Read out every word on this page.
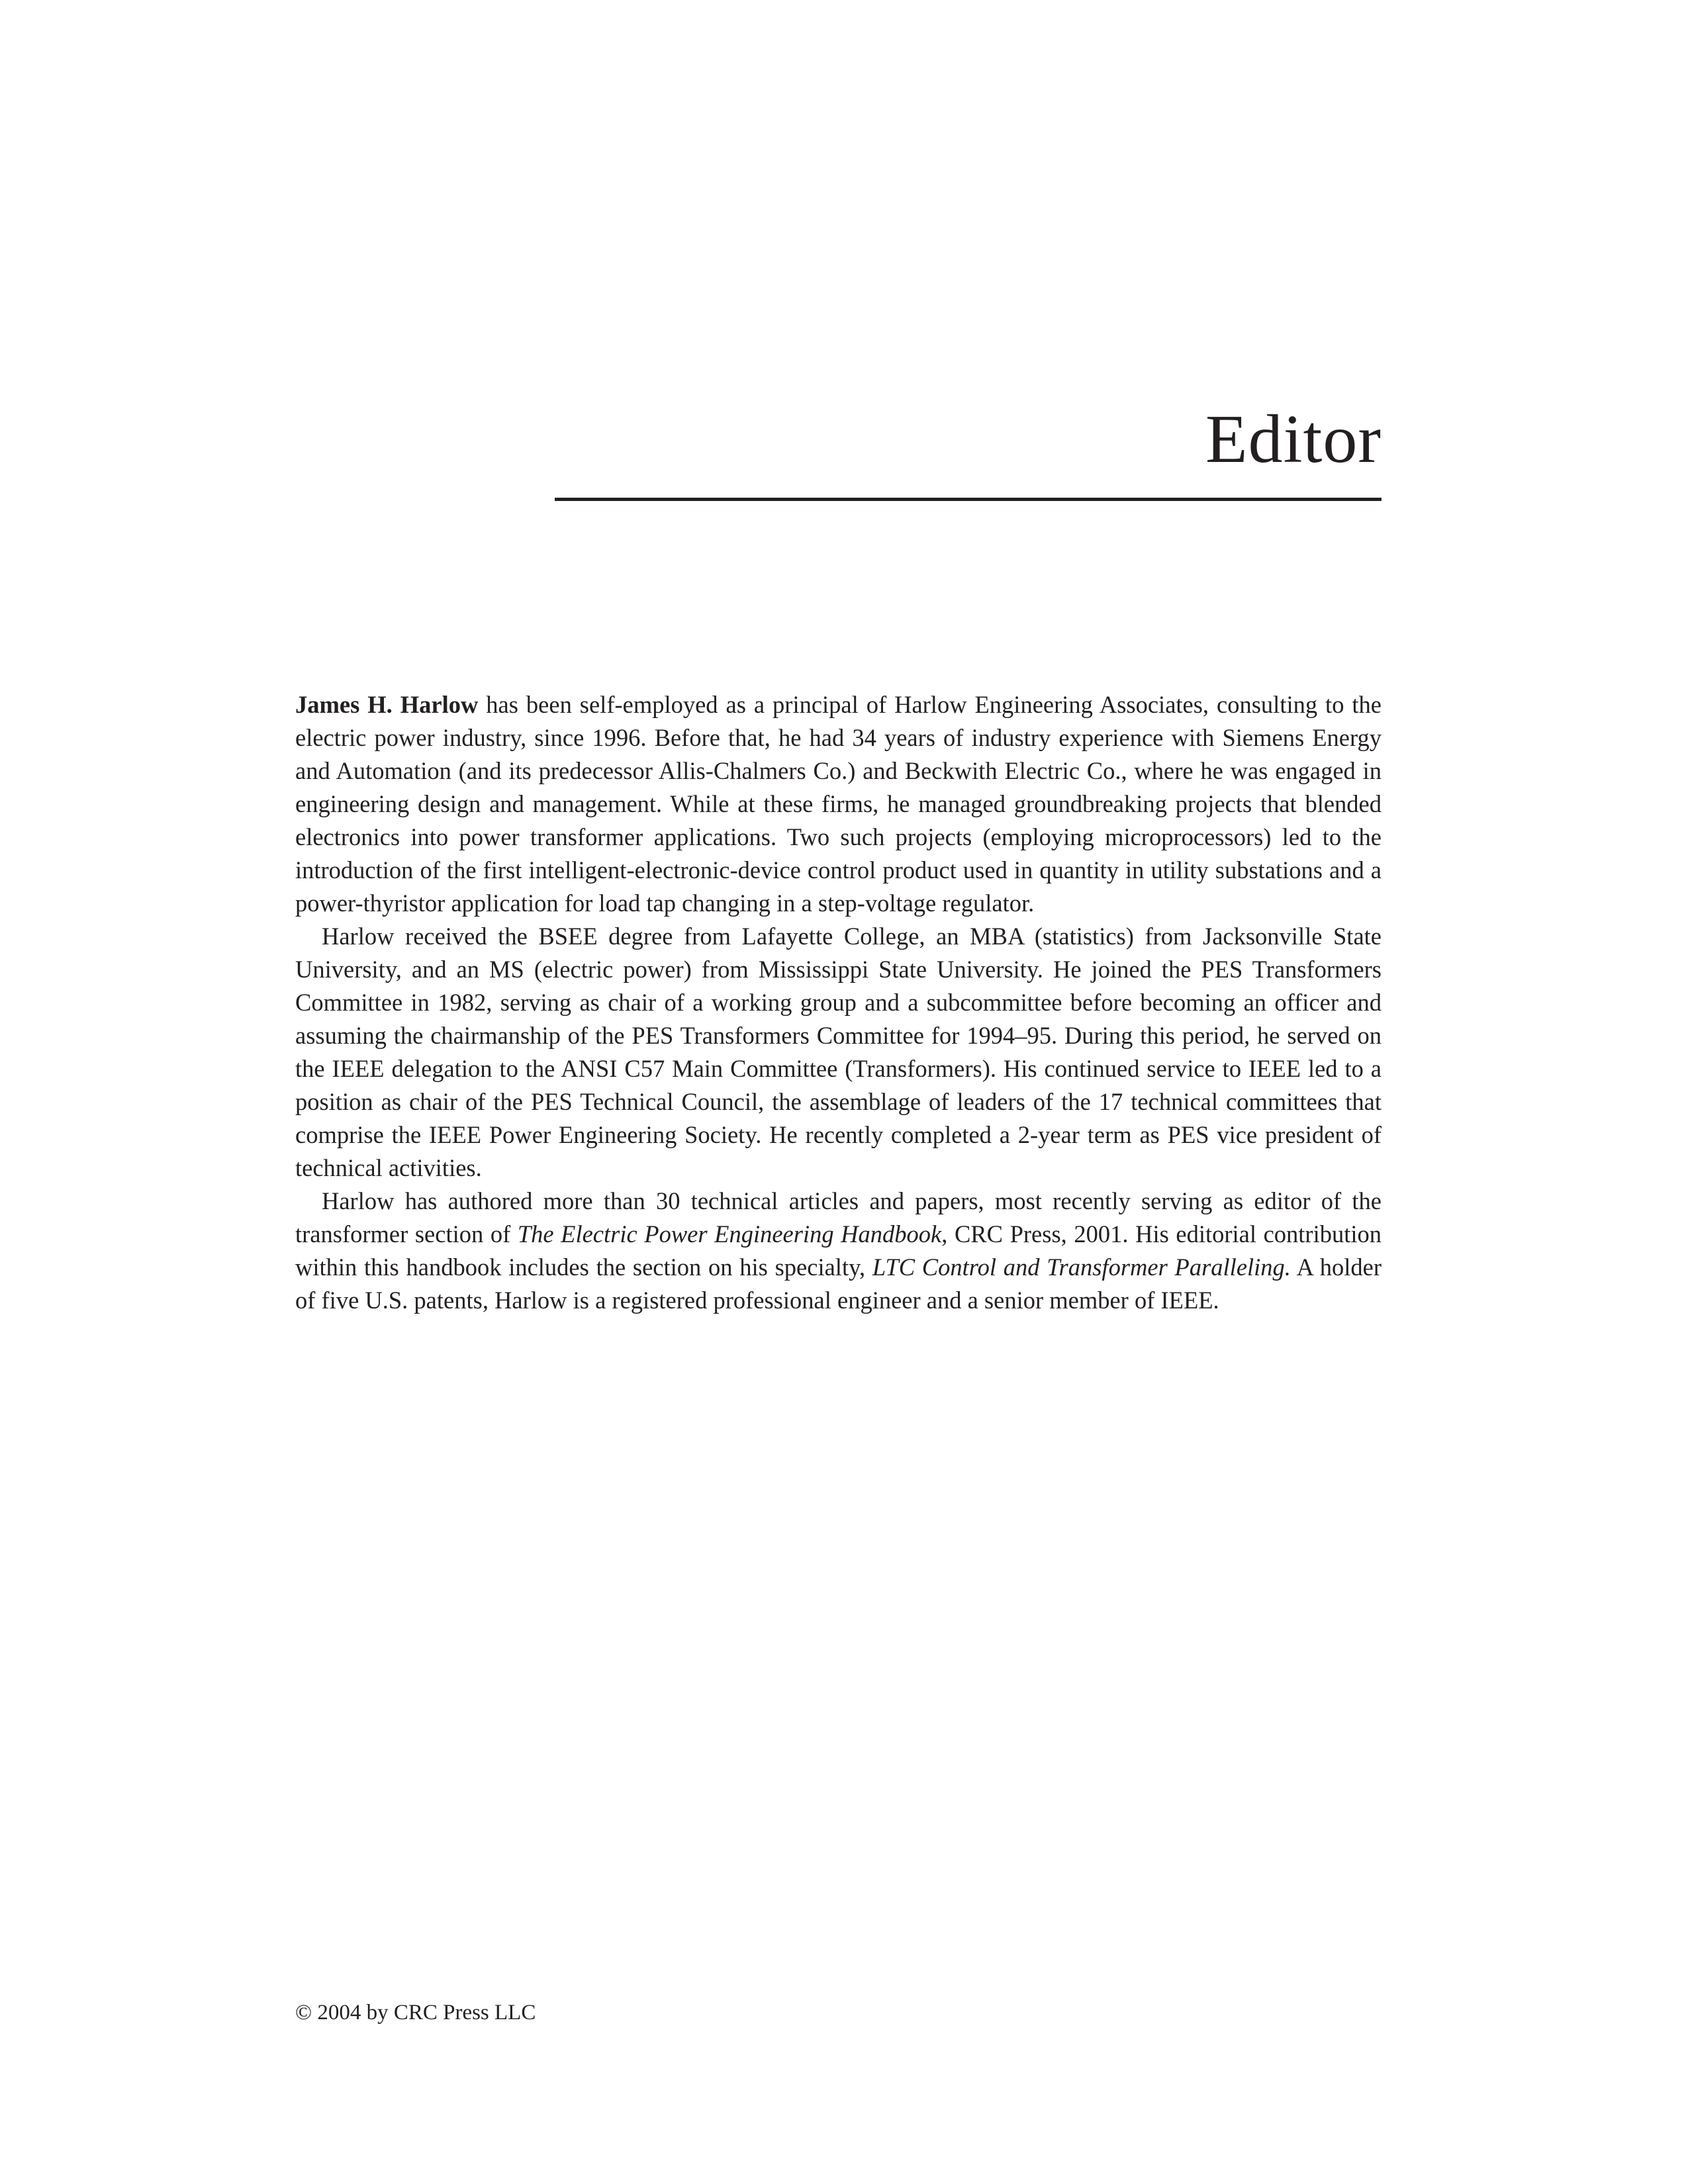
Editor

James H. Harlow has been self-employed as a principal of Harlow Engineering Associates, consulting to the electric power industry, since 1996. Before that, he had 34 years of industry experience with Siemens Energy and Automation (and its predecessor Allis-Chalmers Co.) and Beckwith Electric Co., where he was engaged in engineering design and management. While at these firms, he managed groundbreaking projects that blended electronics into power transformer applications. Two such projects (employing microprocessors) led to the introduction of the first intelligent-electronic-device control product used in quantity in utility substations and a power-thyristor application for load tap changing in a step-voltage regulator.

Harlow received the BSEE degree from Lafayette College, an MBA (statistics) from Jacksonville State University, and an MS (electric power) from Mississippi State University. He joined the PES Transformers Committee in 1982, serving as chair of a working group and a subcommittee before becoming an officer and assuming the chairmanship of the PES Transformers Committee for 1994–95. During this period, he served on the IEEE delegation to the ANSI C57 Main Committee (Transformers). His continued service to IEEE led to a position as chair of the PES Technical Council, the assemblage of leaders of the 17 technical committees that comprise the IEEE Power Engineering Society. He recently completed a 2-year term as PES vice president of technical activities.

Harlow has authored more than 30 technical articles and papers, most recently serving as editor of the transformer section of The Electric Power Engineering Handbook, CRC Press, 2001. His editorial contribution within this handbook includes the section on his specialty, LTC Control and Transformer Paralleling. A holder of five U.S. patents, Harlow is a registered professional engineer and a senior member of IEEE.

© 2004 by CRC Press LLC
